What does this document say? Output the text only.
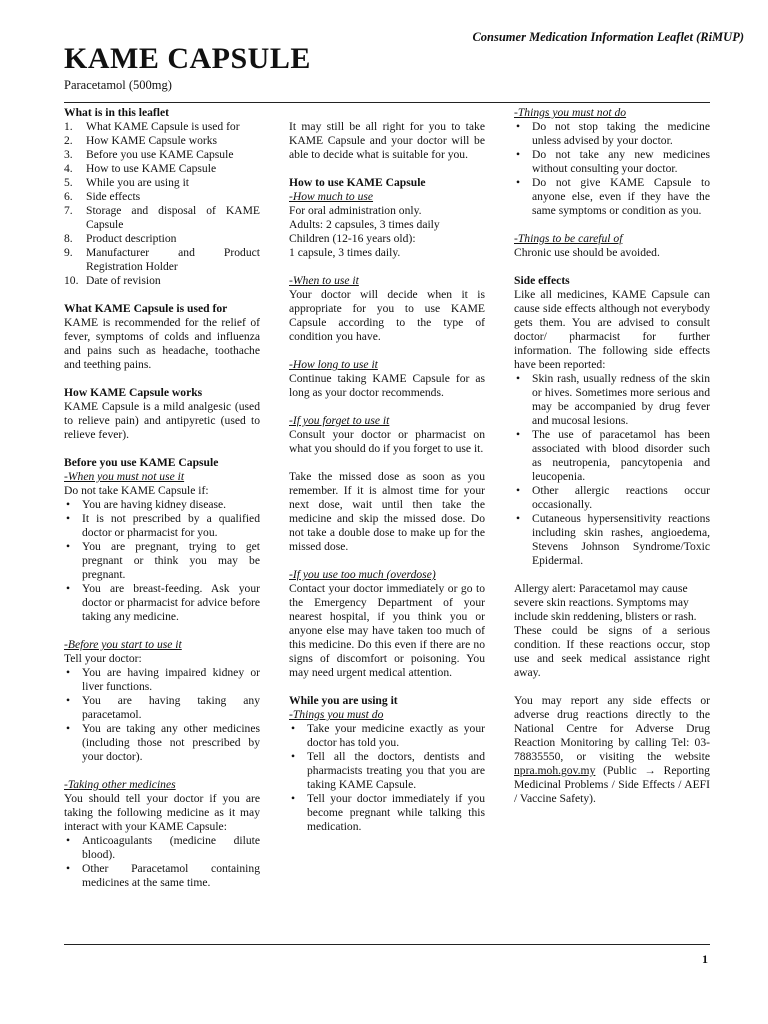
Consumer Medication Information Leaflet (RiMUP)
KAME CAPSULE
Paracetamol (500mg)
What is in this leaflet
1. What KAME Capsule is used for
2. How KAME Capsule works
3. Before you use KAME Capsule
4. How to use KAME Capsule
5. While you are using it
6. Side effects
7. Storage and disposal of KAME Capsule
8. Product description
9. Manufacturer and Product Registration Holder
10. Date of revision
What KAME Capsule is used for

KAME is recommended for the relief of fever, symptoms of colds and influenza and pains such as headache, toothache and teething pains.

How KAME Capsule works

KAME Capsule is a mild analgesic (used to relieve pain) and antipyretic (used to relieve fever).

Before you use KAME Capsule
-When you must not use it

Do not take KAME Capsule if:

• You are having kidney disease.
• It is not prescribed by a qualified doctor or pharmacist for you.
• You are pregnant, trying to get pregnant or think you may be pregnant.
• You are breast-feeding. Ask your doctor or pharmacist for advice before taking any medicine.
-Before you start to use it

Tell your doctor:

• You are having impaired kidney or liver functions.
• You are having taking any paracetamol.
• You are taking any other medicines (including those not prescribed by your doctor).
-Taking other medicines

You should tell your doctor if you are taking the following medicine as it may interact with your KAME Capsule:

• Anticoagulants (medicine dilute blood).
• Other Paracetamol containing medicines at the same time.

It may still be all right for you to take KAME Capsule and your doctor will be able to decide what is suitable for you.

How to use KAME Capsule
-How much to use

For oral administration only.

Adults: 2 capsules, 3 times daily

Children (12-16 years old):

1 capsule, 3 times daily.

-When to use it

Your doctor will decide when it is appropriate for you to use KAME Capsule according to the type of condition you have.

-How long to use it

Continue taking KAME Capsule for as long as your doctor recommends.

-If you forget to use it

Consult your doctor or pharmacist on what you should do if you forget to use it.

Take the missed dose as soon as you remember. If it is almost time for your next dose, wait until then take the medicine and skip the missed dose. Do not take a double dose to make up for the missed dose.

-If you use too much (overdose)

Contact your doctor immediately or go to the Emergency Department of your nearest hospital, if you think you or anyone else may have taken too much of this medicine. Do this even if there are no signs of discomfort or poisoning. You may need urgent medical attention.

While you are using it
-Things you must do
• Take your medicine exactly as your doctor has told you.
• Tell all the doctors, dentists and pharmacists treating you that you are taking KAME Capsule.
• Tell your doctor immediately if you become pregnant while talking this medication.
-Things you must not do
• Do not stop taking the medicine unless advised by your doctor.
• Do not take any new medicines without consulting your doctor.
• Do not give KAME Capsule to anyone else, even if they have the same symptoms or condition as you.
-Things to be careful of

Chronic use should be avoided.

Side effects

Like all medicines, KAME Capsule can cause side effects although not everybody gets them. You are advised to consult doctor/ pharmacist for further information. The following side effects have been reported:

• Skin rash, usually redness of the skin or hives. Sometimes more serious and may be accompanied by drug fever and mucosal lesions.
• The use of paracetamol has been associated with blood disorder such as neutropenia, pancytopenia and leucopenia.
• Other allergic reactions occur occasionally.
• Cutaneous hypersensitivity reactions including skin rashes, angioedema, Stevens Johnson Syndrome/Toxic Epidermal.

Allergy alert: Paracetamol may cause severe skin reactions. Symptoms may include skin reddening, blisters or rash.

These could be signs of a serious condition. If these reactions occur, stop use and seek medical assistance right away.

You may report any side effects or adverse drug reactions directly to the National Centre for Adverse Drug Reaction Monitoring by calling Tel: 03-78835550, or visiting the website npra.moh.gov.my (Public → Reporting Medicinal Problems / Side Effects / AEFI / Vaccine Safety).

1
